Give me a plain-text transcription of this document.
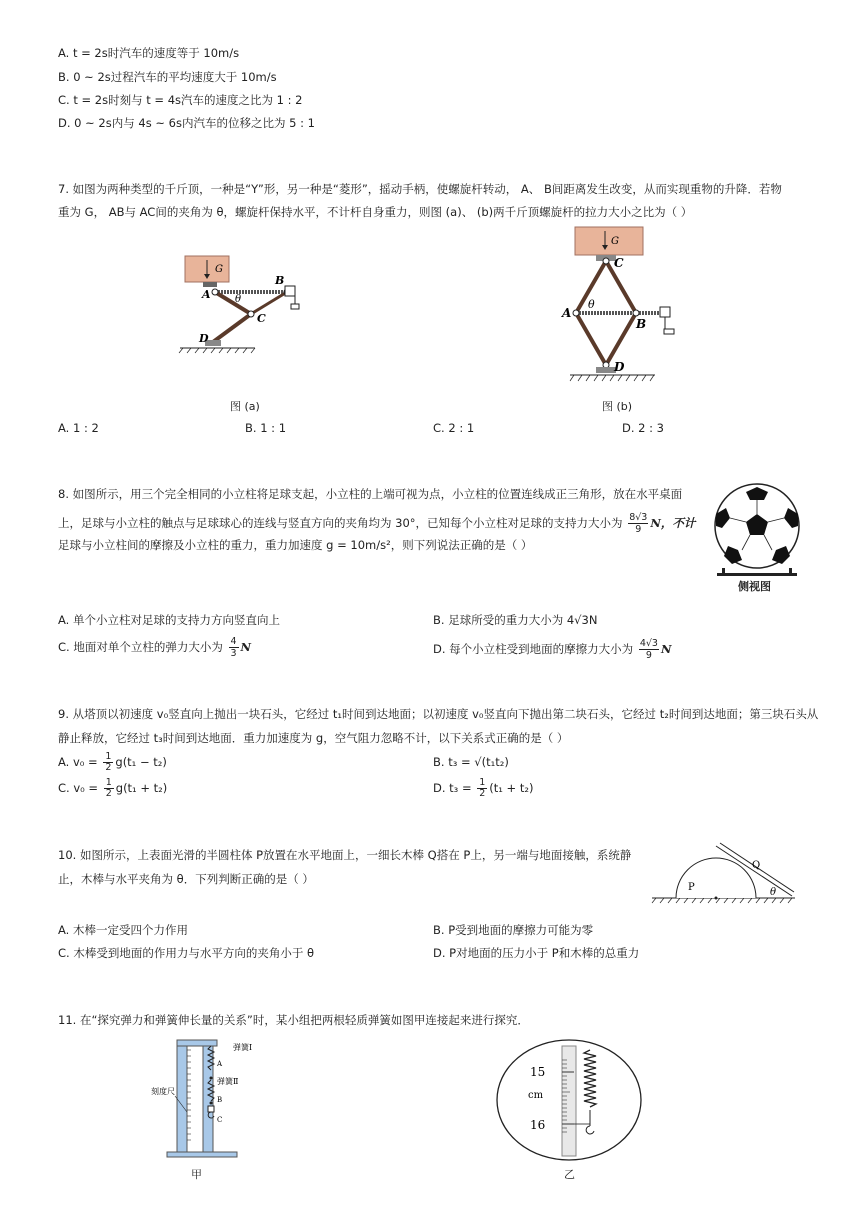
A. t = 2s时汽车的速度等于 10m/s
B. 0 ~ 2s过程汽车的平均速度大于 10m/s
C. t = 2s时刻与 t = 4s汽车的速度之比为 1 : 2
D. 0 ~ 2s内与 4s ~ 6s内汽车的位移之比为 5 : 1
7. 如图为两种类型的千斤顶，一种是“Y”形，另一种是“菱形”，摇动手柄，使螺旋杆转动， A、 B间距离发生改变，从而实现重物的升降．若物
重为 G， AB与 AC间的夹角为 θ，螺旋杆保持水平，不计杆自身重力，则图 (a)、 (b)两千斤顶螺旋杆的拉力大小之比为（ ）
G
A
B
C
D
θ
图 (a)
G
C
A
B
D
θ
图 (b)
A. 1 : 2	B. 1 : 1	C. 2 : 1	D. 2 : 3
8. 如图所示，用三个完全相同的小立柱将足球支起，小立柱的上端可视为点，小立柱的位置连线成正三角形，放在水平桌面
上，足球与小立柱的触点与足球球心的连线与竖直方向的夹角均为 30°，已知每个小立柱对足球的支持力大小为 $\frac{8√3}{9}$ N，不计
足球与小立柱间的摩擦及小立柱的重力，重力加速度 g = 10m/s²，则下列说法正确的是（ ）
侧视图
A. 单个小立柱对足球的支持力方向竖直向上	B. 足球所受的重力大小为 4√3N
C. 地面对单个立柱的弹力大小为 $\frac{4}{3}$ N	D. 每个小立柱受到地面的摩擦力大小为 $\frac{4√3}{9}$ N
9. 从塔顶以初速度 v₀竖直向上抛出一块石头，它经过 t₁时间到达地面；以初速度 v₀竖直向下抛出第二块石头，它经过 t₂时间到达地面；第三块石头从
静止释放，它经过 t₃时间到达地面．重力加速度为 g，空气阻力忽略不计，以下关系式正确的是（ ）
A. $v_0 = \frac{1}{2} g(t_1 - t_2)$	B. t₃ = √(t₁t₂)
C. $v_0 = \frac{1}{2} g(t_1 + t_2)$	D. $t_3 = \frac{1}{2} (t_1 + t_2)$
10. 如图所示，上表面光滑的半圆柱体 P放置在水平地面上，一细长木棒 Q搭在 P上，另一端与地面接触，系统静
止，木棒与水平夹角为 θ．下列判断正确的是（ ）
P
Q
θ
A. 木棒一定受四个力作用	B. P受到地面的摩擦力可能为零
C. 木棒受到地面的作用力与水平方向的夹角小于 θ	D. P对地面的压力小于 P和木棒的总重力
11. 在“探究弹力和弹簧伸长量的关系”时，某小组把两根轻质弹簧如图甲连接起来进行探究．
弹簧Ⅰ
A
弹簧Ⅱ
B
C
刻度尺
甲
15
cm
16
乙
